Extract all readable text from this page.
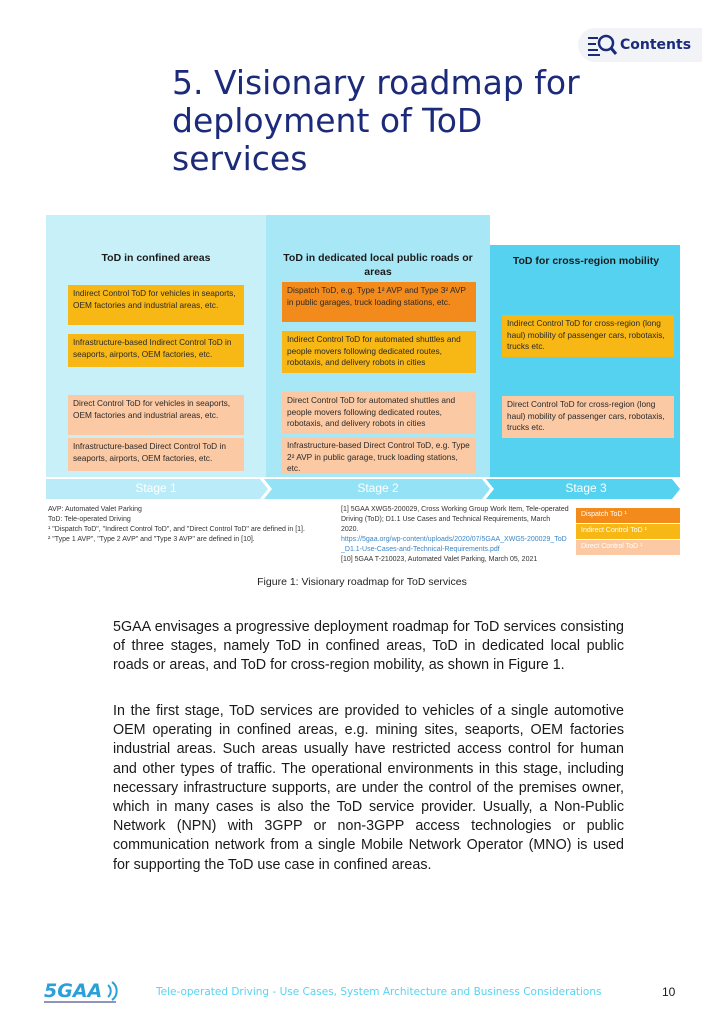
Contents
5. Visionary roadmap for deployment of ToD services
ToD in confined areas	ToD in dedicated local public roads or areas
ToD for cross-region mobility
Indirect Control ToD for vehicles in seaports, OEM factories and industrial areas, etc.
Infrastructure-based Indirect Control ToD in seaports, airports, OEM factories, etc.
Direct Control ToD for vehicles in seaports, OEM factories and industrial areas, etc.
Infrastructure-based Direct Control ToD in seaports, airports, OEM factories, etc.
Dispatch ToD, e.g. Type 1² AVP and Type 3² AVP in public garages, truck loading stations, etc.
Indirect Control ToD for automated shuttles and people movers following dedicated routes, robotaxis, and delivery robots in cities
Direct Control ToD for automated shuttles and people movers following dedicated routes, robotaxis, and delivery robots in cities
Infrastructure-based Direct Control ToD, e.g. Type 2² AVP in public garage, truck loading stations, etc.
Indirect Control ToD for cross-region (long haul) mobility of passenger cars, robotaxis, trucks etc.
Direct Control ToD for cross-region (long haul) mobility of passenger cars, robotaxis, trucks etc.
Stage 1	Stage 2	Stage 3
AVP: Automated Valet Parking
ToD: Tele-operated Driving
¹ "Dispatch ToD", "Indirect Control ToD", and "Direct Control ToD" are defined in [1].
² "Type 1 AVP", "Type 2 AVP" and "Type 3 AVP" are defined in [10].
[1] 5GAA XWG5-200029, Cross Working Group Work Item, Tele-operated Driving (ToD); D1.1 Use Cases and Technical Requirements, March 2020.
https://5gaa.org/wp-content/uploads/2020/07/5GAA_XWG5-200029_ToD_D1.1-Use-Cases-and-Technical-Requirements.pdf
[10] 5GAA T-210023, Automated Valet Parking, March 05, 2021
Dispatch ToD ¹
Indirect Control ToD ¹
Direct Control ToD ¹
Figure 1: Visionary roadmap for ToD services

5GAA envisages a progressive deployment roadmap for ToD services consisting of three stages, namely ToD in confined areas, ToD in dedicated local public roads or areas, and ToD for cross-region mobility, as shown in Figure 1.

In the first stage, ToD services are provided to vehicles of a single automotive OEM operating in confined areas, e.g. mining sites, seaports, OEM factories industrial areas. Such areas usually have restricted access control for human and other types of traffic. The operational environments in this stage, including necessary infrastructure supports, are under the control of the premises owner, which in many cases is also the ToD service provider. Usually, a Non-Public Network (NPN) with 3GPP or non-3GPP access technologies or public communication network from a single Mobile Network Operator (MNO) is used for supporting the ToD use case in confined areas.

5GAA	Tele-operated Driving - Use Cases, System Architecture and Business Considerations	10
